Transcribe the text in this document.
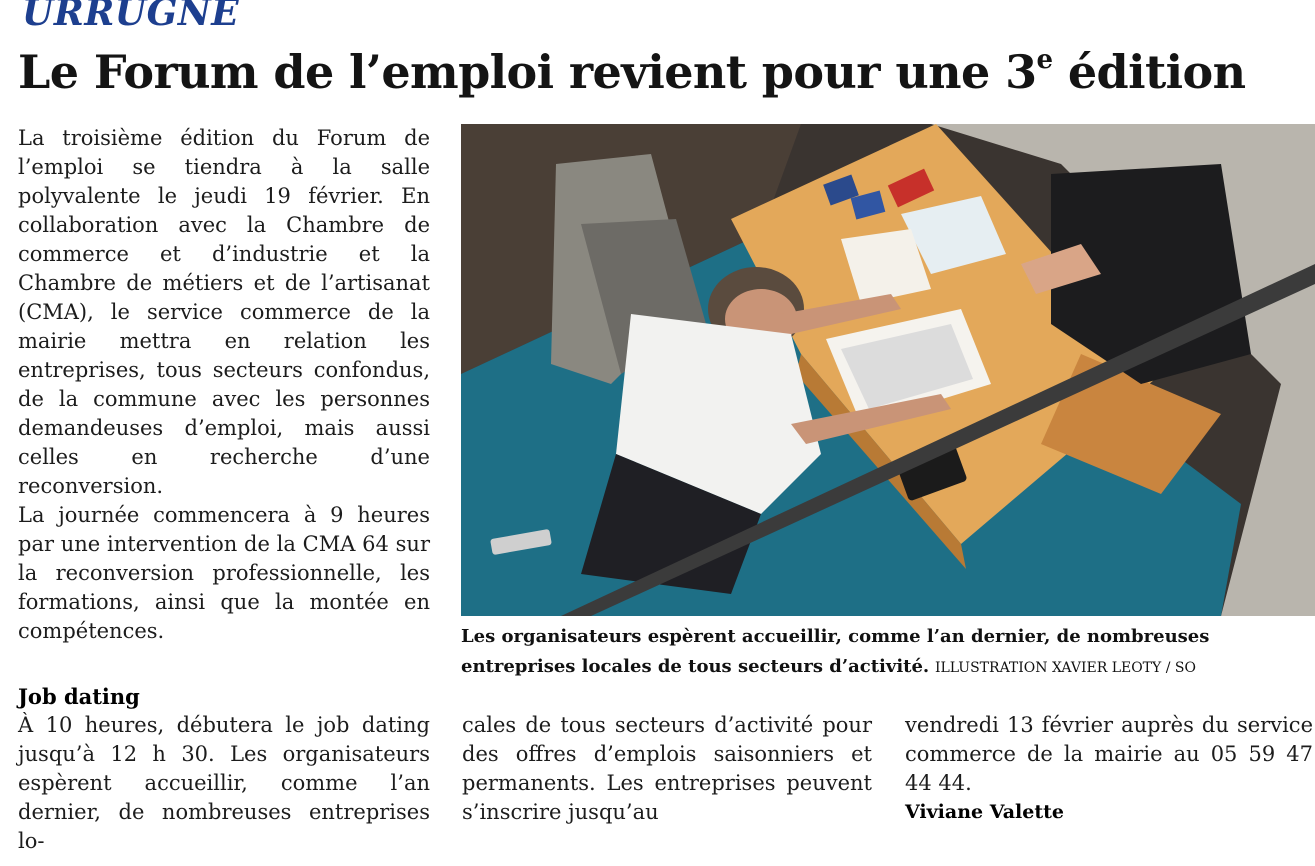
URRUGNE
Le Forum de l’emploi revient pour une 3e édition

La troisième édition du Forum de l’emploi se tiendra à la salle polyvalente le jeudi 19 février. En collaboration avec la Chambre de commerce et d’industrie et la Chambre de métiers et de l’artisanat (CMA), le service commerce de la mairie mettra en relation les entreprises, tous secteurs confondus, de la commune avec les personnes demandeuses d’emploi, mais aussi celles en recherche d’une reconversion.

La journée commencera à 9 heures par une intervention de la CMA 64 sur la reconversion professionnelle, les formations, ainsi que la montée en compétences.	Les organisateurs espèrent accueillir, comme l’an dernier, de nombreuses entreprises locales de tous secteurs d’activité. ILLUSTRATION XAVIER LEOTY / SO
Job dating

À 10 heures, débutera le job dating jusqu’à 12 h 30. Les organisateurs espèrent accueillir, comme l’an dernier, de nombreuses entreprises lo-

cales de tous secteurs d’activité pour des offres d’emplois saisonniers et permanents. Les entreprises peuvent s’inscrire jusqu’au

vendredi 13 février auprès du service commerce de la mairie au 05 59 47 44 44.
Viviane Valette
